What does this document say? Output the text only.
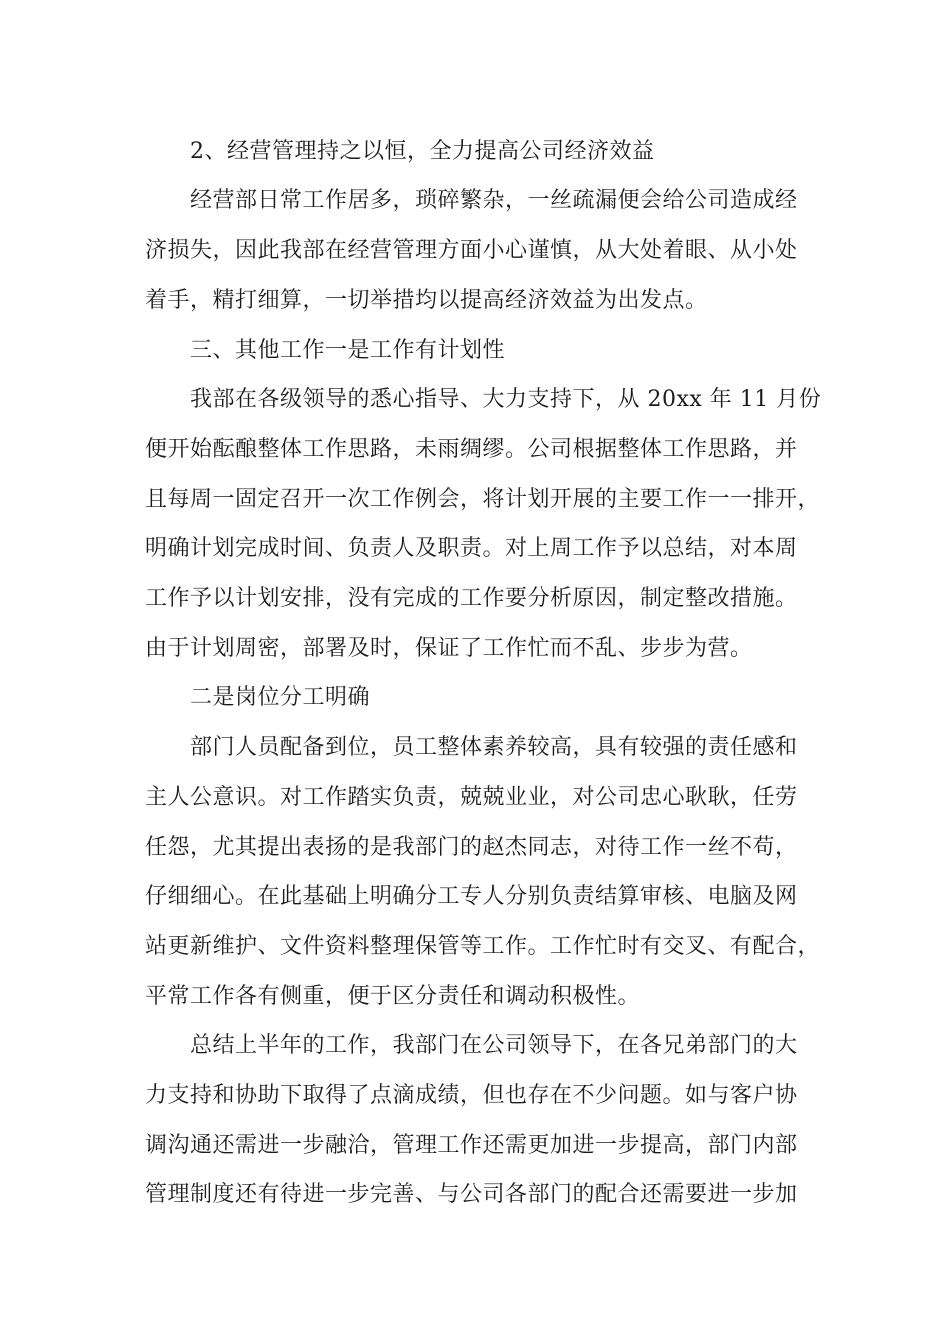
2、经营管理持之以恒，全力提高公司经济效益
经营部日常工作居多，琐碎繁杂，一丝疏漏便会给公司造成经
济损失，因此我部在经营管理方面小心谨慎，从大处着眼、从小处
着手，精打细算，一切举措均以提高经济效益为出发点。
三、其他工作一是工作有计划性
我部在各级领导的悉心指导、大力支持下，从 20xx 年 11 月份
便开始酝酿整体工作思路，未雨绸缪。公司根据整体工作思路，并
且每周一固定召开一次工作例会，将计划开展的主要工作一一排开，
明确计划完成时间、负责人及职责。对上周工作予以总结，对本周
工作予以计划安排，没有完成的工作要分析原因，制定整改措施。
由于计划周密，部署及时，保证了工作忙而不乱、步步为营。
二是岗位分工明确
部门人员配备到位，员工整体素养较高，具有较强的责任感和
主人公意识。对工作踏实负责，兢兢业业，对公司忠心耿耿，任劳
任怨，尤其提出表扬的是我部门的赵杰同志，对待工作一丝不苟，
仔细细心。在此基础上明确分工专人分别负责结算审核、电脑及网
站更新维护、文件资料整理保管等工作。工作忙时有交叉、有配合，
平常工作各有侧重，便于区分责任和调动积极性。
总结上半年的工作，我部门在公司领导下，在各兄弟部门的大
力支持和协助下取得了点滴成绩，但也存在不少问题。如与客户协
调沟通还需进一步融洽，管理工作还需更加进一步提高，部门内部
管理制度还有待进一步完善、与公司各部门的配合还需要进一步加
